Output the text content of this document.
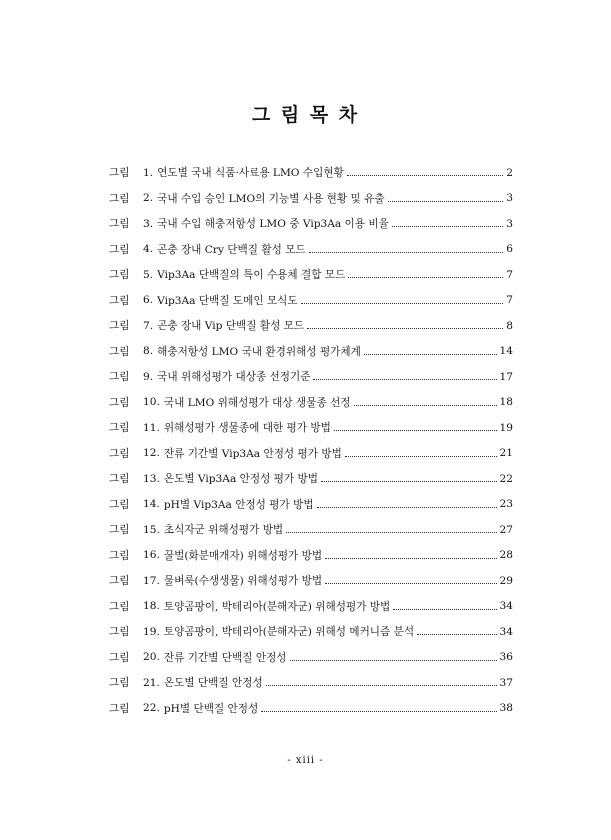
그 림 목 차
그림	1. 연도별 국내 식품·사료용 LMO 수입현황	2
그림	2. 국내 수입 승인 LMO의 기능별 사용 현황 및 유출	3
그림	3. 국내 수입 해충저항성 LMO 중 Vip3Aa 이용 비율	3
그림	4. 곤충 장내 Cry 단백질 활성 모드	6
그림	5. Vip3Aa 단백질의 특이 수용체 결합 모드	7
그림	6. Vip3Aa 단백질 도메인 모식도	7
그림	7. 곤충 장내 Vip 단백질 활성 모드	8
그림	8. 해충저항성 LMO 국내 환경위해성 평가체계	14
그림	9. 국내 위해성평가 대상종 선정기준	17
그림	10. 국내 LMO 위해성평가 대상 생물종 선정	18
그림	11. 위해성평가 생물종에 대한 평가 방법	19
그림	12. 잔류 기간별 Vip3Aa 안정성 평가 방법	21
그림	13. 온도별 Vip3Aa 안정성 평가 방법	22
그림	14. pH별 Vip3Aa 안정성 평가 방법	23
그림	15. 초식자군 위해성평가 방법	27
그림	16. 꿀벌(화분매개자) 위해성평가 방법	28
그림	17. 물벼룩(수생생물) 위해성평가 방법	29
그림	18. 토양곰팡이, 박테리아(분해자군) 위해성평가 방법	34
그림	19. 토양곰팡이, 박테리아(분해자군) 위해성 메커니즘 분석	34
그림	20. 잔류 기간별 단백질 안정성	36
그림	21. 온도별 단백질 안정성	37
그림	22. pH별 단백질 안정성	38
- xiii -
